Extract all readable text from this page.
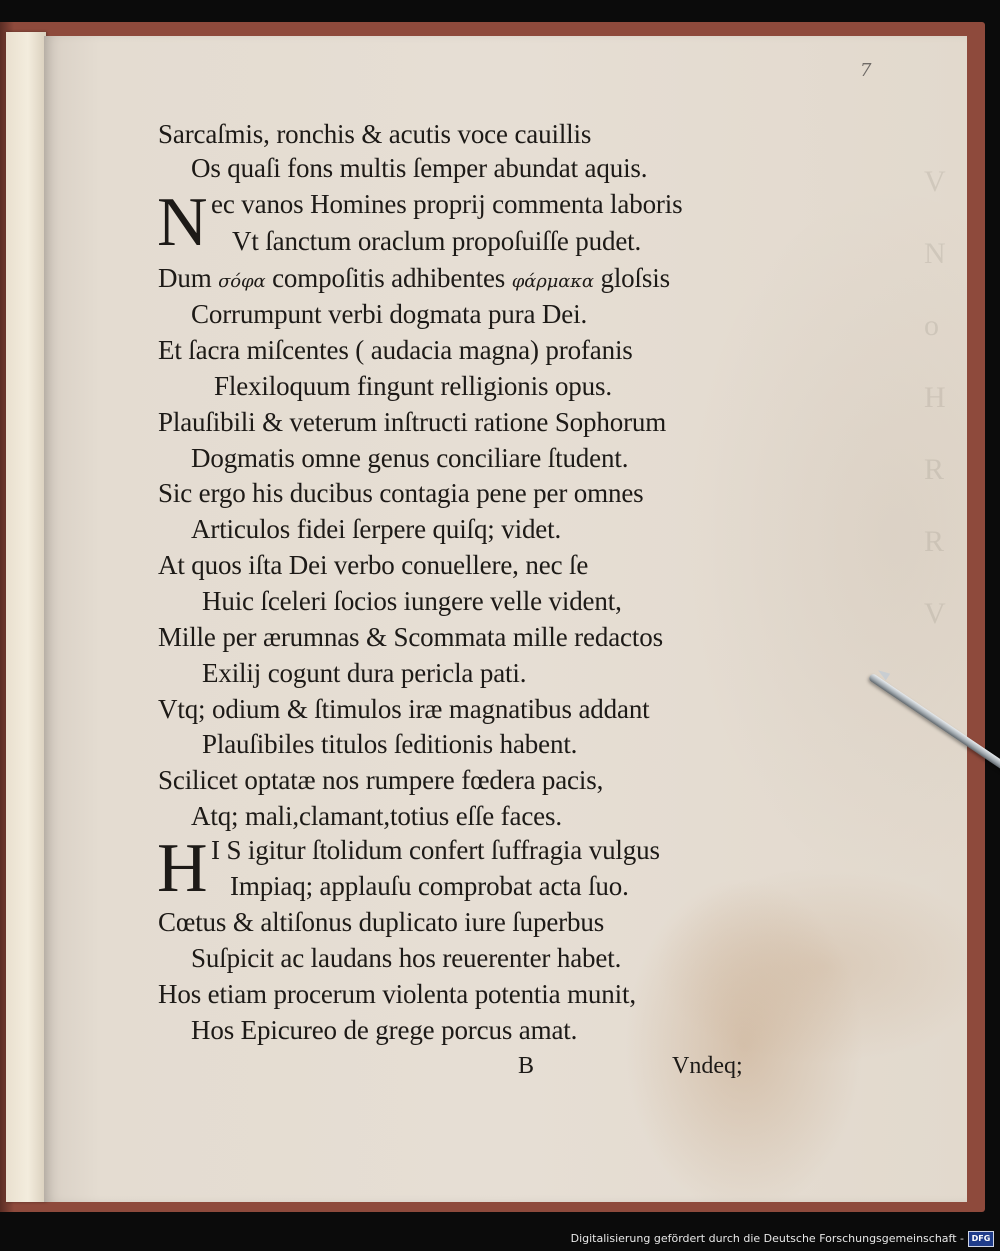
V
N
o
H
R
R
V
7
Sarcaſmis, ronchis & acutis voce cauillis
Os quaſi fons multis ſemper abundat aquis.
N ec vanos Homines proprij commenta laboris
Vt ſanctum oraclum propoſuiſſe pudet.
Dum σόφα compoſitis adhibentes φάρμακα gloſsis
Corrumpunt verbi dogmata pura Dei.
Et ſacra miſcentes ( audacia magna) profanis
Flexiloquum fingunt relligionis opus.
Plauſibili & veterum inſtructi ratione Sophorum
Dogmatis omne genus conciliare ſtudent.
Sic ergo his ducibus contagia pene per omnes
Articulos fidei ſerpere quiſq; videt.
At quos iſta Dei verbo conuellere, nec ſe
Huic ſceleri ſocios iungere velle vident,
Mille per ærumnas & Scommata mille redactos
Exilij cogunt dura pericla pati.
Vtq; odium & ſtimulos iræ magnatibus addant
Plauſibiles titulos ſeditionis habent.
Scilicet optatæ nos rumpere fœdera pacis,
Atq; mali,clamant,totius eſſe faces.
H I S igitur ſtolidum confert ſuffragia vulgus
Impiaq; applauſu comprobat acta ſuo.
Cœtus & altiſonus duplicato iure ſuperbus
Suſpicit ac laudans hos reuerenter habet.
Hos etiam procerum violenta potentia munit,
Hos Epicureo de grege porcus amat.
B	Vndeq;
Digitalisierung gefördert durch die Deutsche Forschungsgemeinschaft - DFG
